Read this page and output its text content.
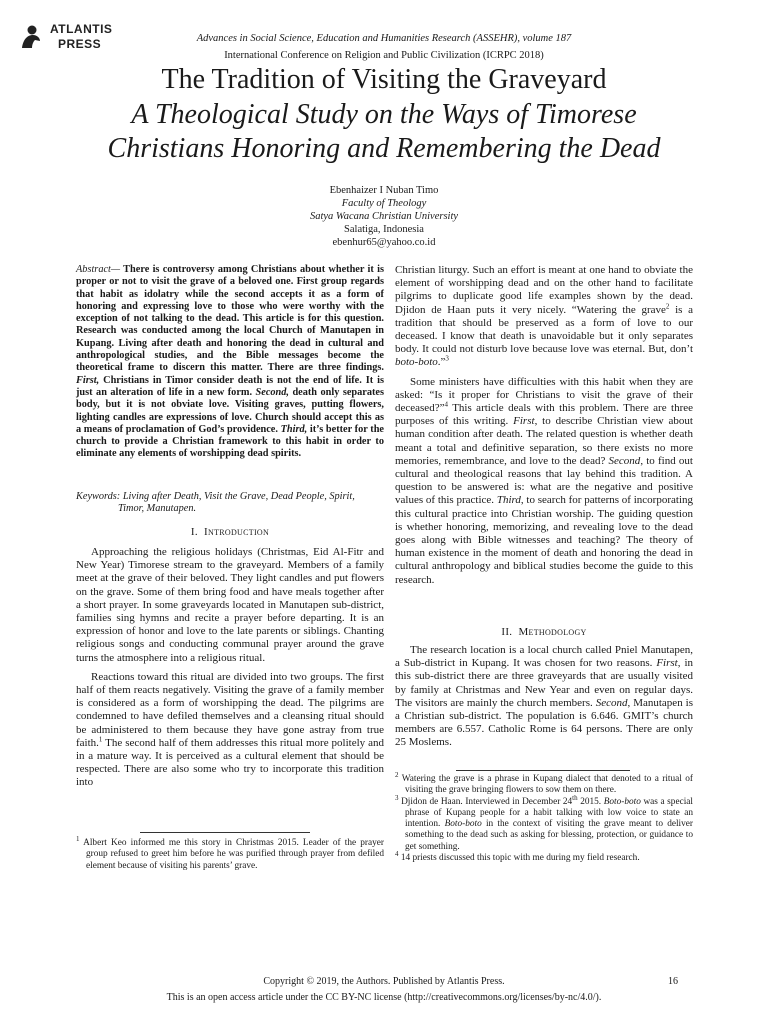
ATLANTIS
PRESS	Advances in Social Science, Education and Humanities Research (ASSEHR), volume 187
International Conference on Religion and Public Civilization (ICRPC 2018)
The Tradition of Visiting the Graveyard
A Theological Study on the Ways of Timorese
Christians Honoring and Remembering the Dead
Ebenhaizer I Nuban Timo
Faculty of Theology
Satya Wacana Christian University
Salatiga, Indonesia
ebenhur65@yahoo.co.id
Abstract— There is controversy among Christians about whether it is proper or not to visit the grave of a beloved one. First group regards that habit as idolatry while the second accepts it as a form of honoring and expressing love to those who were worthy with the exception of not talking to the dead. This article is for this question. Research was conducted among the local Church of Manutapen in Kupang. Living after death and honoring the dead in cultural and anthropological studies, and the Bible messages become the theoretical frame to discern this matter. There are three findings. First, Christians in Timor consider death is not the end of life. It is just an alteration of life in a new form. Second, death only separates body, but it is not obviate love. Visiting graves, putting flowers, lighting candles are expressions of love. Church should accept this as a means of proclamation of God’s providence. Third, it’s better for the church to provide a Christian framework to this habit in order to eliminate any elements of worshipping dead spirits.
Keywords: Living after Death, Visit the Grave, Dead People, Spirit,
Timor, Manutapen.
I. Introduction

Approaching the religious holidays (Christmas, Eid Al-Fitr and New Year) Timorese stream to the graveyard. Members of a family meet at the grave of their beloved. They light candles and put flowers on the grave. Some of them bring food and have meals together after a short prayer. In some graveyards located in Manutapen sub-district, families sing hymns and recite a prayer before departing. It is an expression of honor and love to the late parents or siblings. Chanting religious songs and conducting communal prayer around the grave turns the atmosphere into a religious ritual.

Reactions toward this ritual are divided into two groups. The first half of them reacts negatively. Visiting the grave of a family member is considered as a form of worshipping the dead. The pilgrims are condemned to have defiled themselves and a cleansing ritual should be administered to them because they have gone astray from true faith.$^1$ The second half of them addresses this ritual more politely and in a mature way. It is perceived as a cultural element that should be respected. There are also some who try to incorporate this tradition into

$^1$ Albert Keo informed me this story in Christmas 2015. Leader of the prayer group refused to greet him before he was purified through prayer from defiled element because of visiting his parents’ grave.

Christian liturgy. Such an effort is meant at one hand to obviate the element of worshipping dead and on the other hand to facilitate pilgrims to duplicate good life examples shown by the dead. Djidon de Haan puts it very nicely. “Watering the grave$^2$ is a tradition that should be preserved as a form of love to our deceased. I know that death is unavoidable but it only separates body. It could not disturb love because love was eternal. But, don’t boto-boto.”$^3$

Some ministers have difficulties with this habit when they are asked: “Is it proper for Christians to visit the grave of their deceased?”$^4$ This article deals with this problem. There are three purposes of this writing. First, to describe Christian view about human condition after death. The related question is whether death meant a total and definitive separation, so there exists no more memories, remembrance, and love to the dead? Second, to find out cultural and theological reasons that lay behind this tradition. A question to be answered is: what are the negative and positive values of this practice. Third, to search for patterns of incorporating this cultural practice into Christian worship. The guiding question is whether honoring, memorizing, and revealing love to the dead goes along with Bible witnesses and teaching? The theory of human existence in the moment of death and honoring the dead in cultural anthropology and biblical studies become the guide to this research.

II. Methodology

The research location is a local church called Pniel Manutapen, a Sub-district in Kupang. It was chosen for two reasons. First, in this sub-district there are three graveyards that are usually visited by family at Christmas and New Year and even on regular days. The visitors are mainly the church members. Second, Manutapen is a Christian sub-district. The population is 6.646. GMIT’s church members are 6.557. Catholic Rome is 64 persons. There are only 25 Moslems.

$^2$ Watering the grave is a phrase in Kupang dialect that denoted to a ritual of visiting the grave bringing flowers to sow them on there.
$^3$ Djidon de Haan. Interviewed in December 24th 2015. Boto-boto was a special phrase of Kupang people for a habit talking with low voice to state an intention. Boto-boto in the context of visiting the grave meant to deliver something to the dead such as asking for blessing, protection, or guidance to get something.
$^4$ 14 priests discussed this topic with me during my field research.
Copyright © 2019, the Authors. Published by Atlantis Press.	16
This is an open access article under the CC BY-NC license (http://creativecommons.org/licenses/by-nc/4.0/).
